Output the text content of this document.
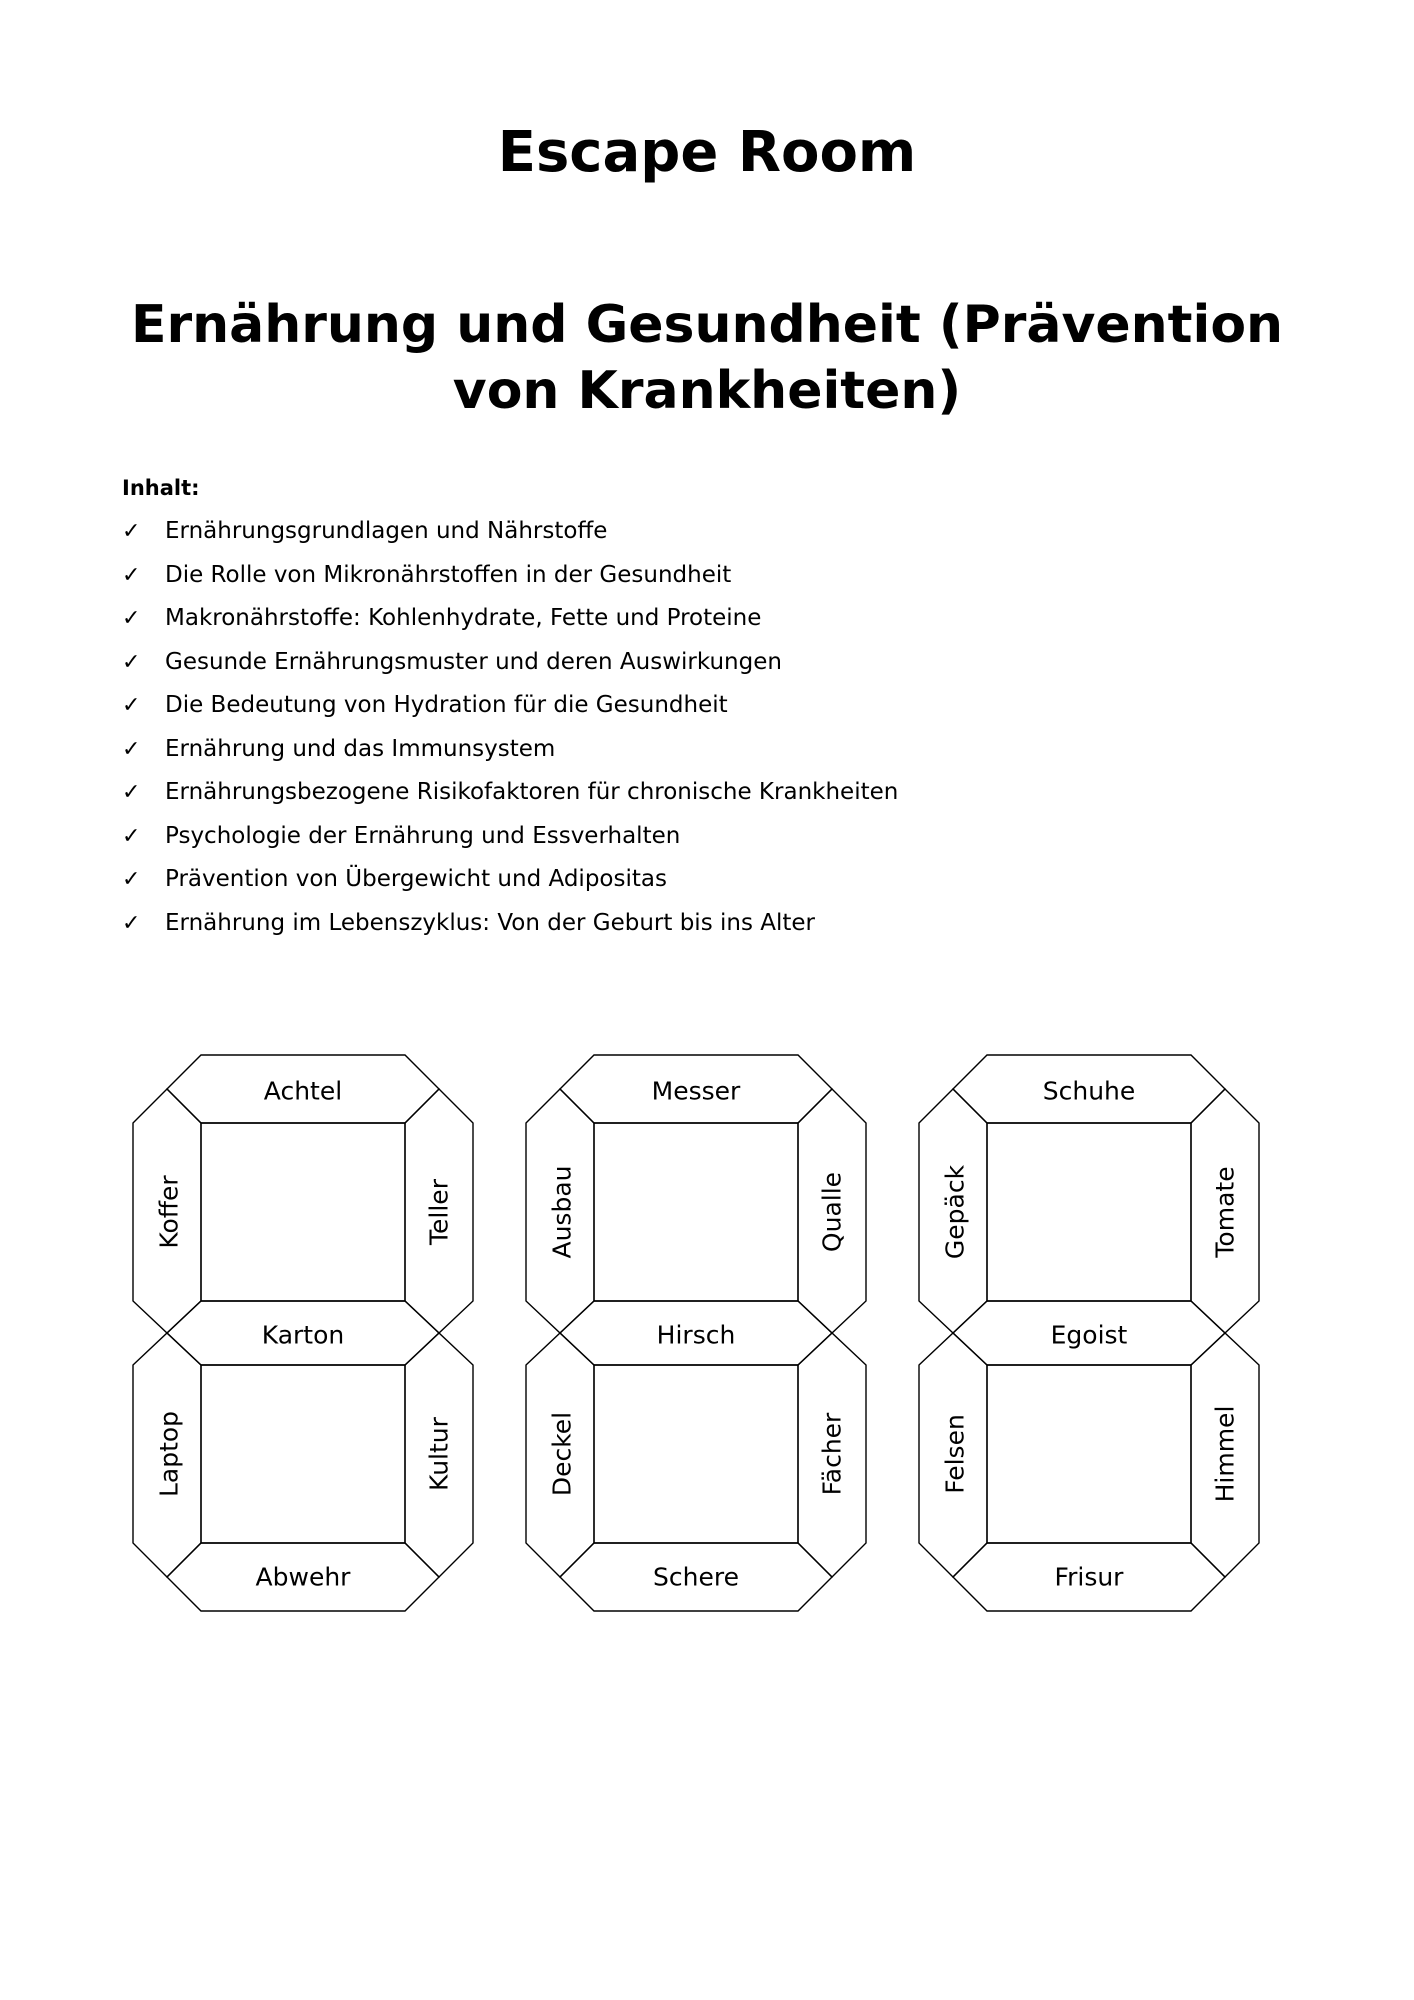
Escape Room
Ernährung und Gesundheit (Prävention von Krankheiten)
Inhalt:
✓	Ernährungsgrundlagen und Nährstoffe
✓	Die Rolle von Mikronährstoffen in der Gesundheit
✓	Makronährstoffe: Kohlenhydrate, Fette und Proteine
✓	Gesunde Ernährungsmuster und deren Auswirkungen
✓	Die Bedeutung von Hydration für die Gesundheit
✓	Ernährung und das Immunsystem
✓	Ernährungsbezogene Risikofaktoren für chronische Krankheiten
✓	Psychologie der Ernährung und Essverhalten
✓	Prävention von Übergewicht und Adipositas
✓	Ernährung im Lebenszyklus: Von der Geburt bis ins Alter
Achtel
Koffer	Teller
Karton
Laptop	Kultur
Abwehr
Messer
Ausbau	Qualle
Hirsch
Deckel	Fächer
Schere
Schuhe
Gepäck	Tomate
Egoist
Felsen	Himmel
Frisur
